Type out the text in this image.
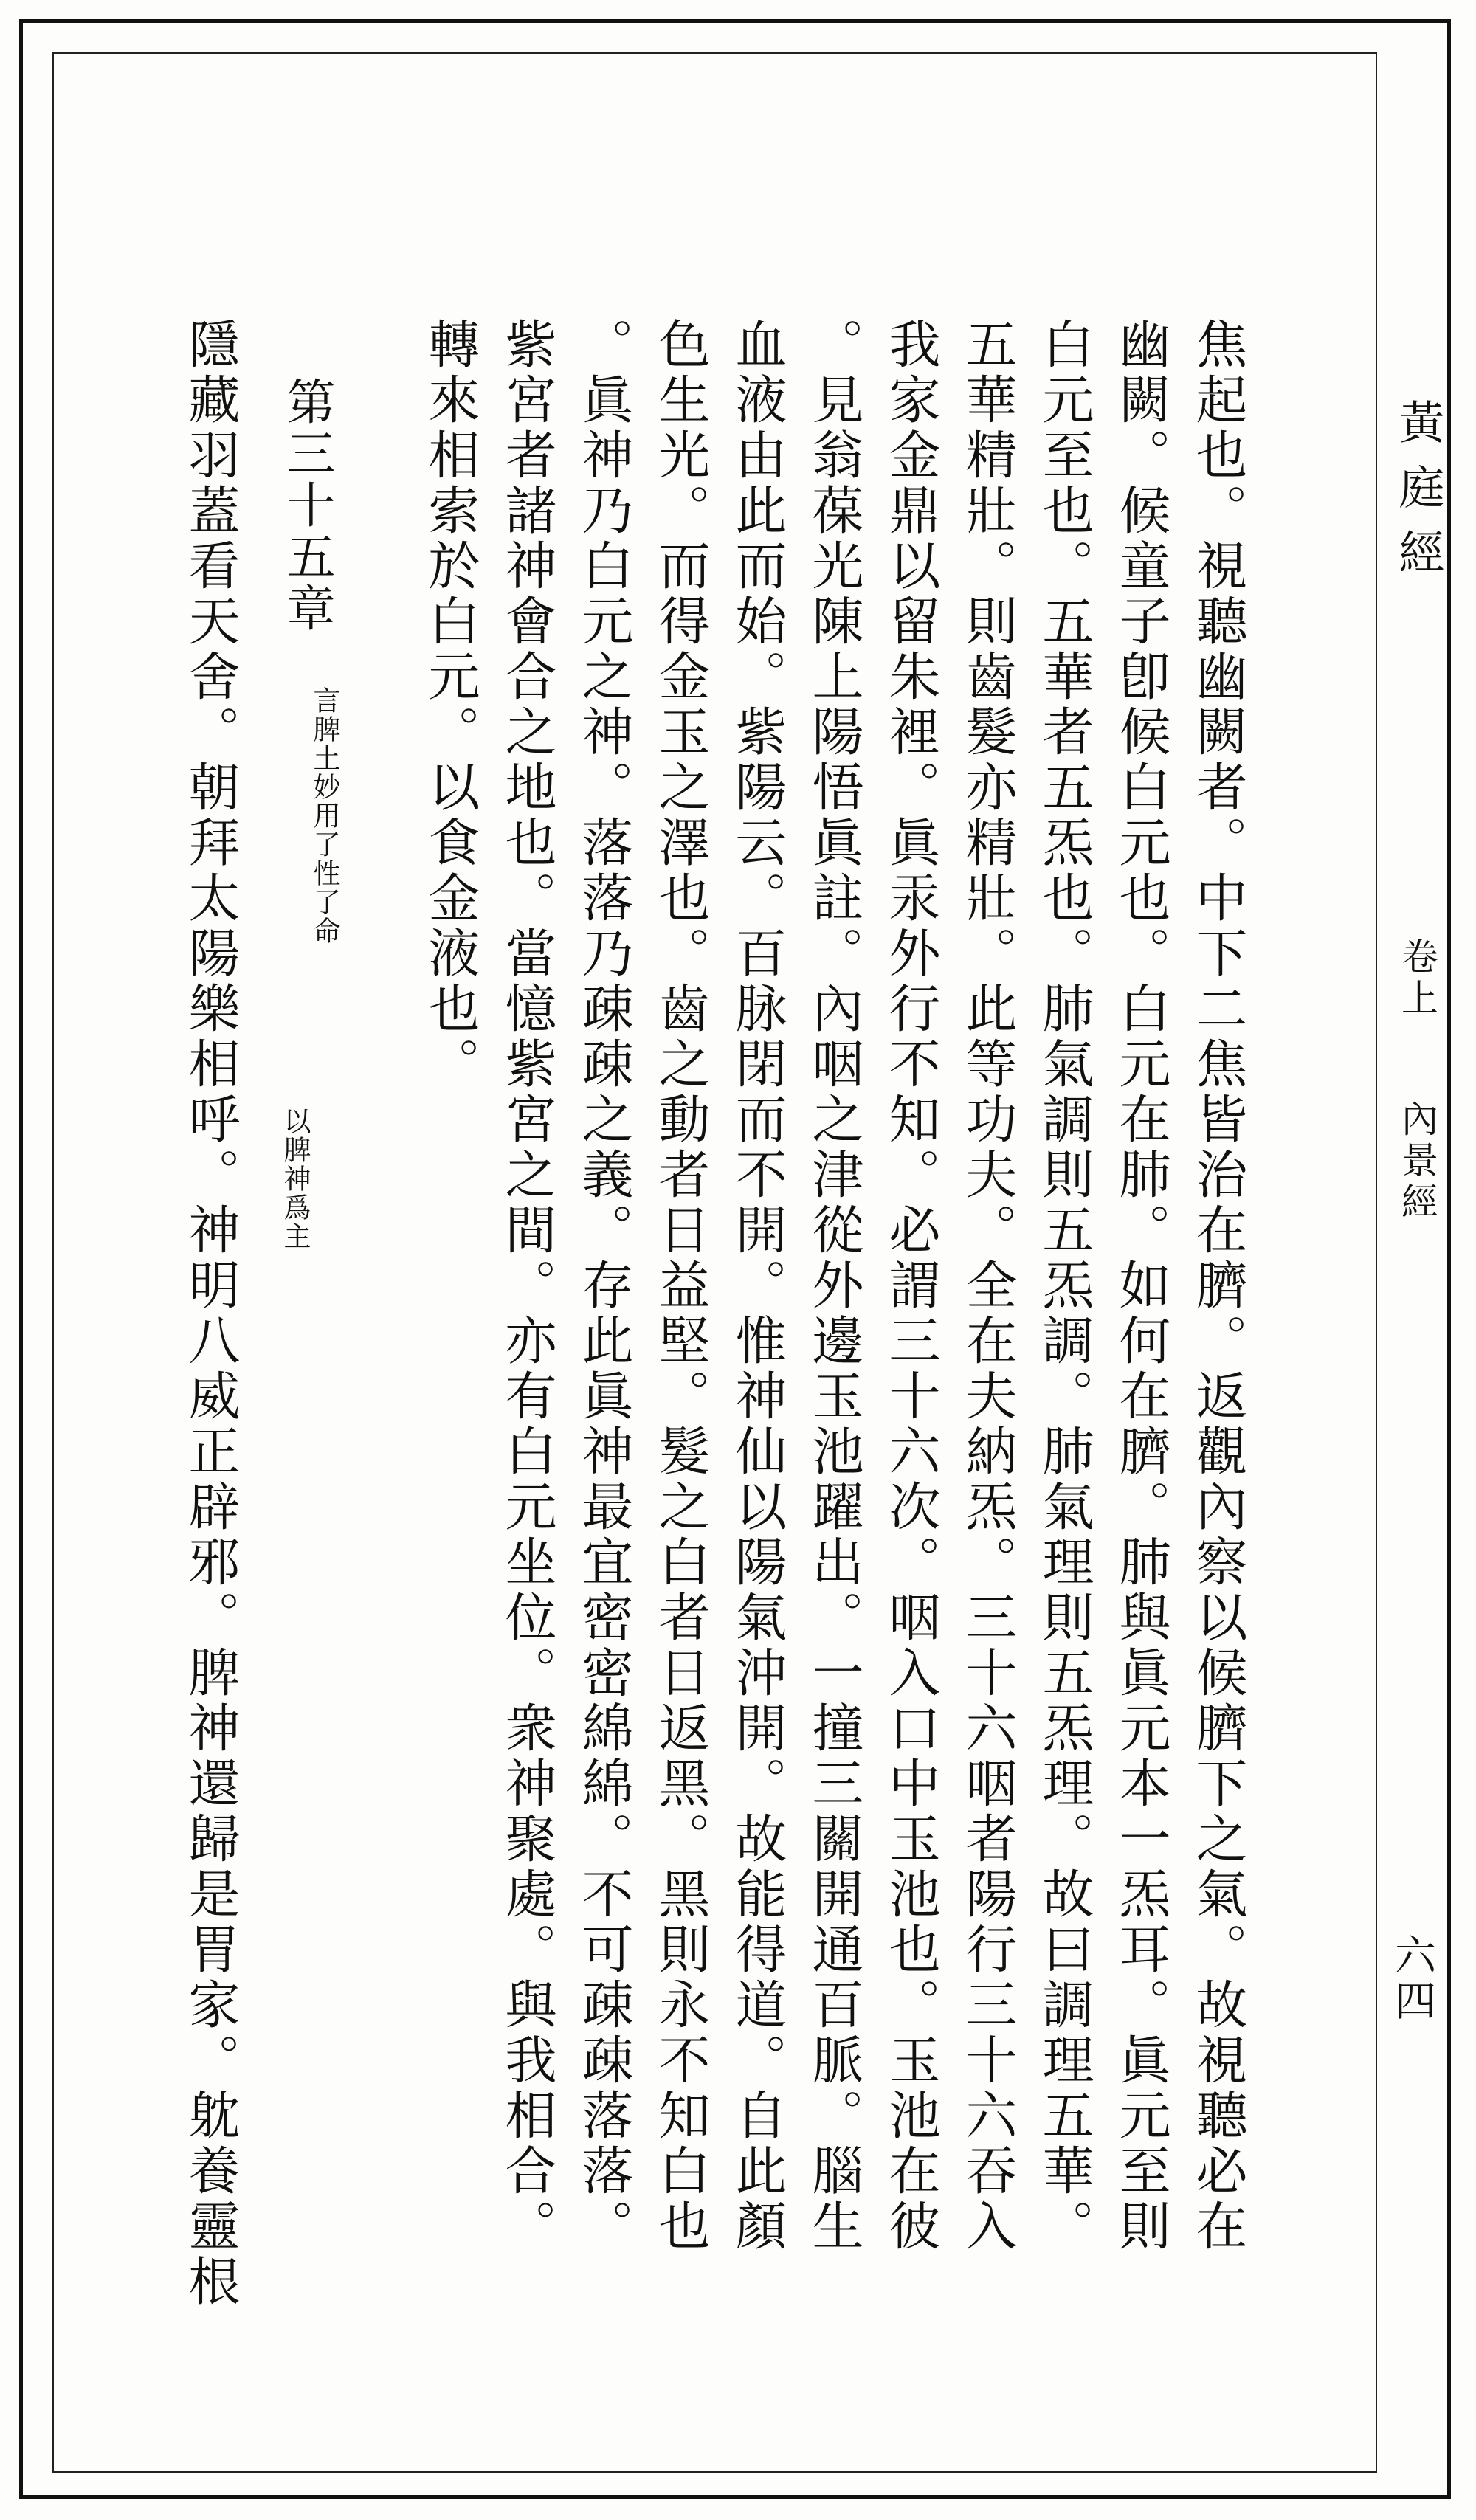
黃庭經
卷上
內景經
六四
焦起也。視聽幽闕者。中下二焦皆治在臍。返觀內察以候臍下之氣。故視聽必在
幽闕。候童子卽候白元也。白元在肺。如何在臍。肺與眞元本一炁耳。眞元至則
白元至也。五華者五炁也。肺氣調則五炁調。肺氣理則五炁理。故曰調理五華。
五華精壯。則齒髮亦精壯。此等功夫。全在夫納炁。三十六咽者陽行三十六吞入
我家金鼎以留朱裡。眞汞外行不知。必謂三十六次。咽入口中玉池也。玉池在彼
。見翁葆光陳上陽悟眞註。內咽之津從外邊玉池躍出。一撞三關開通百脈。腦生
血液由此而始。紫陽云。百脉閉而不開。惟神仙以陽氣沖開。故能得道。自此顏
色生光。而得金玉之澤也。齒之動者日益堅。髮之白者日返黑。黑則永不知白也
。眞神乃白元之神。落落乃疎疎之義。存此眞神最宜密密綿綿。不可疎疎落落。
紫宮者諸神會合之地也。當憶紫宮之間。亦有白元坐位。衆神聚處。與我相合。
轉來相索於白元。以食金液也。
第三十五章
言脾土妙用了性了命
以脾神爲主
隱藏羽蓋看天舍。朝拜太陽樂相呼。神明八威正辟邪。脾神還歸是胃家。躭養靈根
